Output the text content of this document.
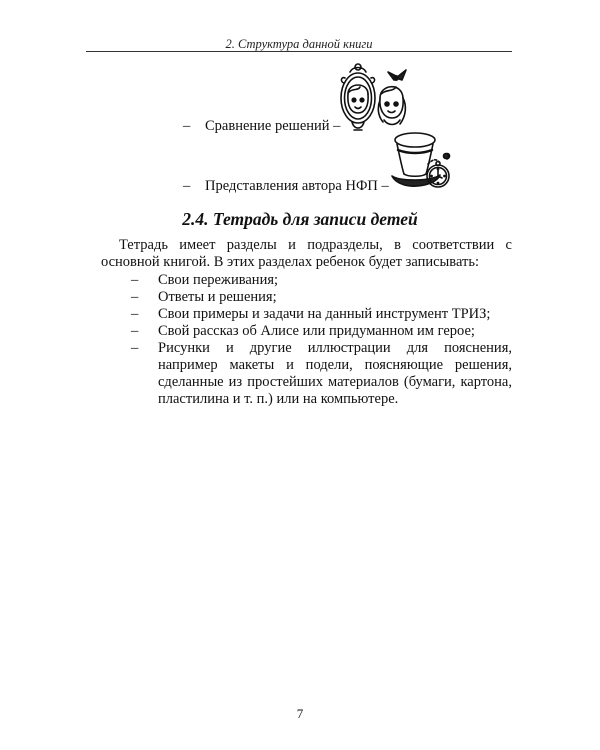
2. Структура данной книги
– Сравнение решений –
– Представления автора НФП –
2.4. Тетрадь для записи детей
Тетрадь имеет разделы и подразделы, в соответствии с основной книгой. В этих разделах ребенок будет записывать:
– Свои переживания;
– Ответы и решения;
– Свои примеры и задачи на данный инструмент ТРИЗ;
– Свой рассказ об Алисе или придуманном им герое;
– Рисунки и другие иллюстрации для пояснения, например макеты и подели, поясняющие решения, сделанные из простейших материалов (бумаги, картона, пластилина и т. п.) или на компьютере.
7
